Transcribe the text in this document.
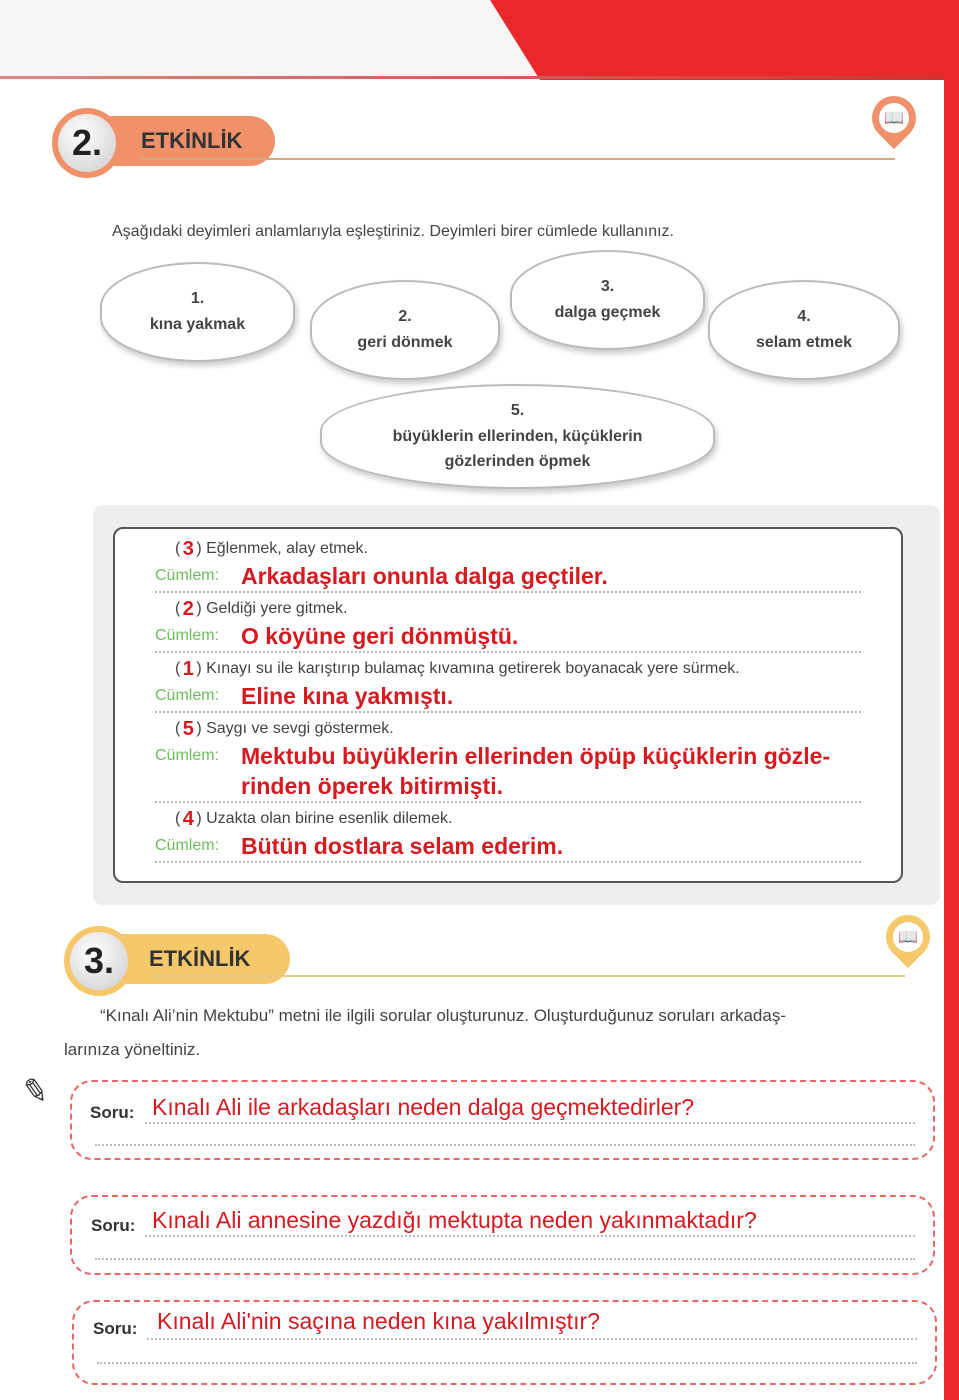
ETKİNLİK
2.
📖
Aşağıdaki deyimleri anlamlarıyla eşleştiriniz. Deyimleri birer cümlede kullanınız.
1.
kına yakmak	2.
geri dönmek
3.
dalga geçmek	4.
selam etmek
5.
büyüklerin ellerinden, küçüklerin gözlerinden öpmek
( 3 ) Eğlenmek, alay etmek.
Cümlem: Arkadaşları onunla dalga geçtiler.
( 2 ) Geldiği yere gitmek.
Cümlem: O köyüne geri dönmüştü.
( 1 ) Kınayı su ile karıştırıp bulamaç kıvamına getirerek boyanacak yere sürmek.
Cümlem: Eline kına yakmıştı.
( 5 ) Saygı ve sevgi göstermek.
Cümlem: Mektubu büyüklerin ellerinden öpüp küçüklerin gözle-
rinden öperek bitirmişti.
( 4 ) Uzakta olan birine esenlik dilemek.
Cümlem: Bütün dostlara selam ederim.
ETKİNLİK
3.
📖
“Kınalı Ali’nin Mektubu” metni ile ilgili sorular oluşturunuz. Oluşturduğunuz soruları arkadaş-
larınıza yöneltiniz.
✎
Soru: Kınalı Ali ile arkadaşları neden dalga geçmektedirler?
Soru: Kınalı Ali annesine yazdığı mektupta neden yakınmaktadır?
Soru: Kınalı Ali'nin saçına neden kına yakılmıştır?
